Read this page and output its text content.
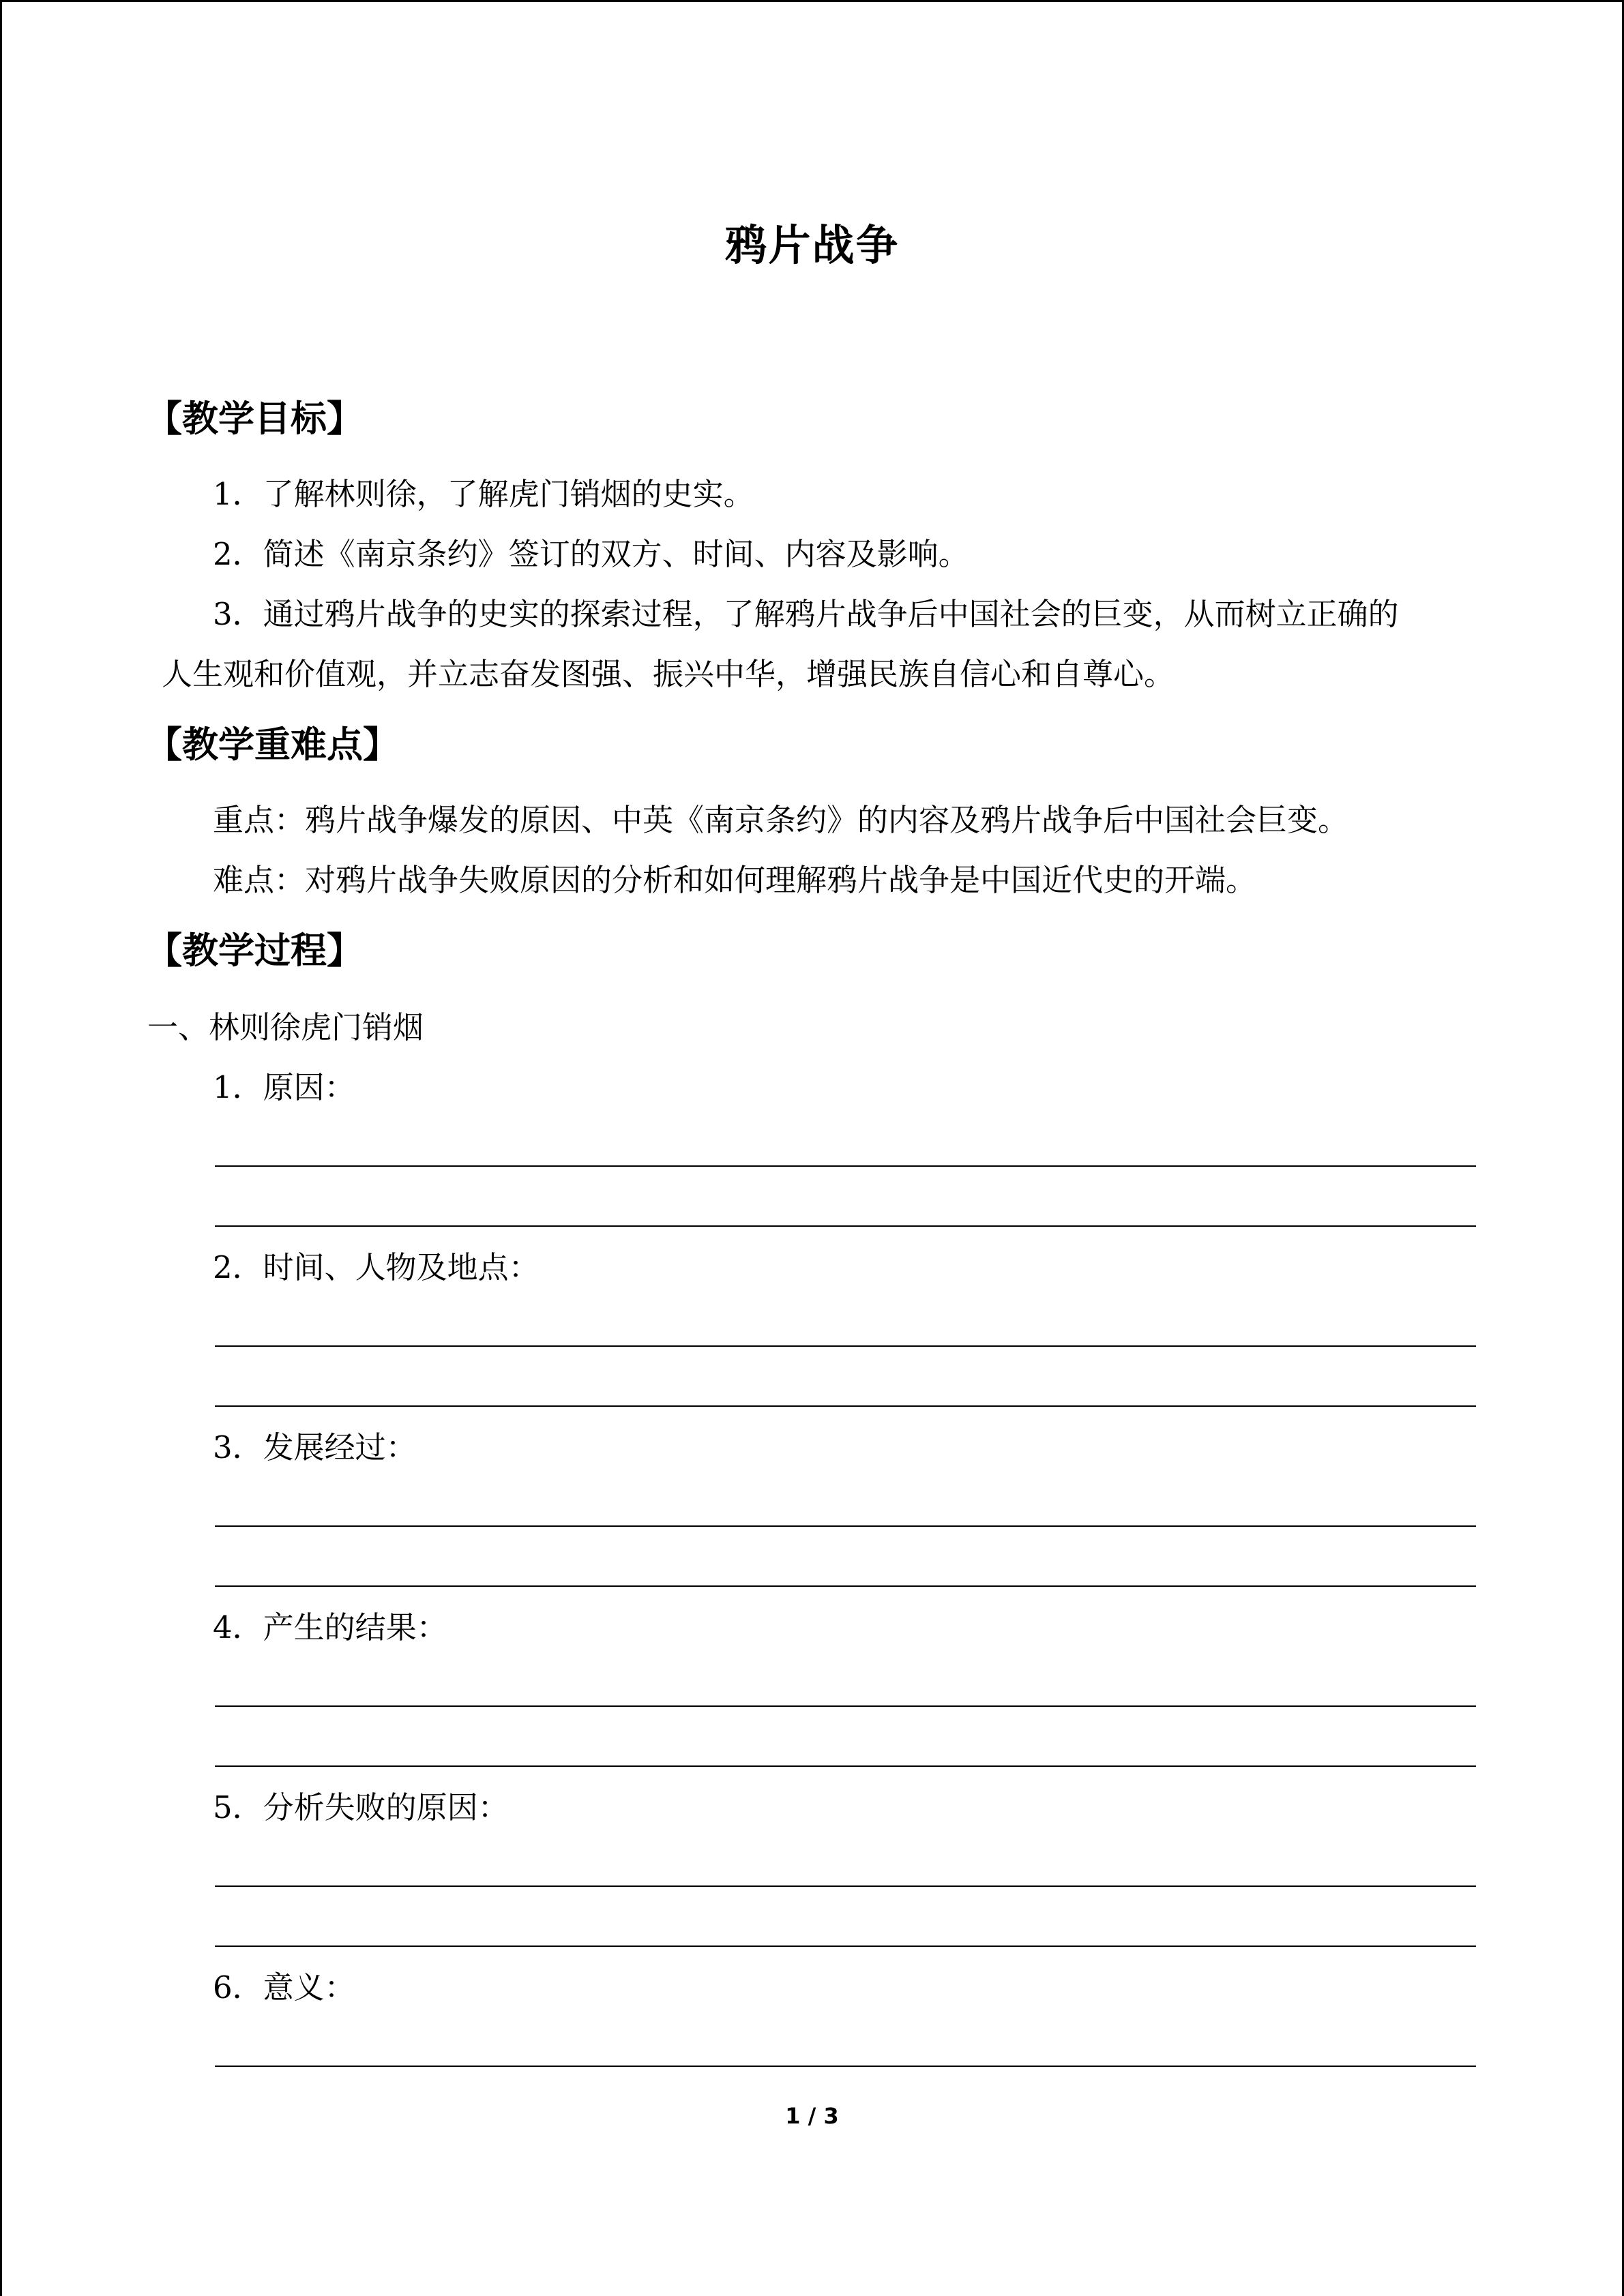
鸦片战争
【教学目标】
1．了解林则徐，了解虎门销烟的史实。
2．简述《南京条约》签订的双方、时间、内容及影响。
3．通过鸦片战争的史实的探索过程，了解鸦片战争后中国社会的巨变，从而树立正确的
人生观和价值观，并立志奋发图强、振兴中华，增强民族自信心和自尊心。
【教学重难点】
重点：鸦片战争爆发的原因、中英《南京条约》的内容及鸦片战争后中国社会巨变。
难点：对鸦片战争失败原因的分析和如何理解鸦片战争是中国近代史的开端。
【教学过程】
一、林则徐虎门销烟
1．原因：
2．时间、人物及地点：
3．发展经过：
4．产生的结果：
5．分析失败的原因：
6．意义：
1 / 3
